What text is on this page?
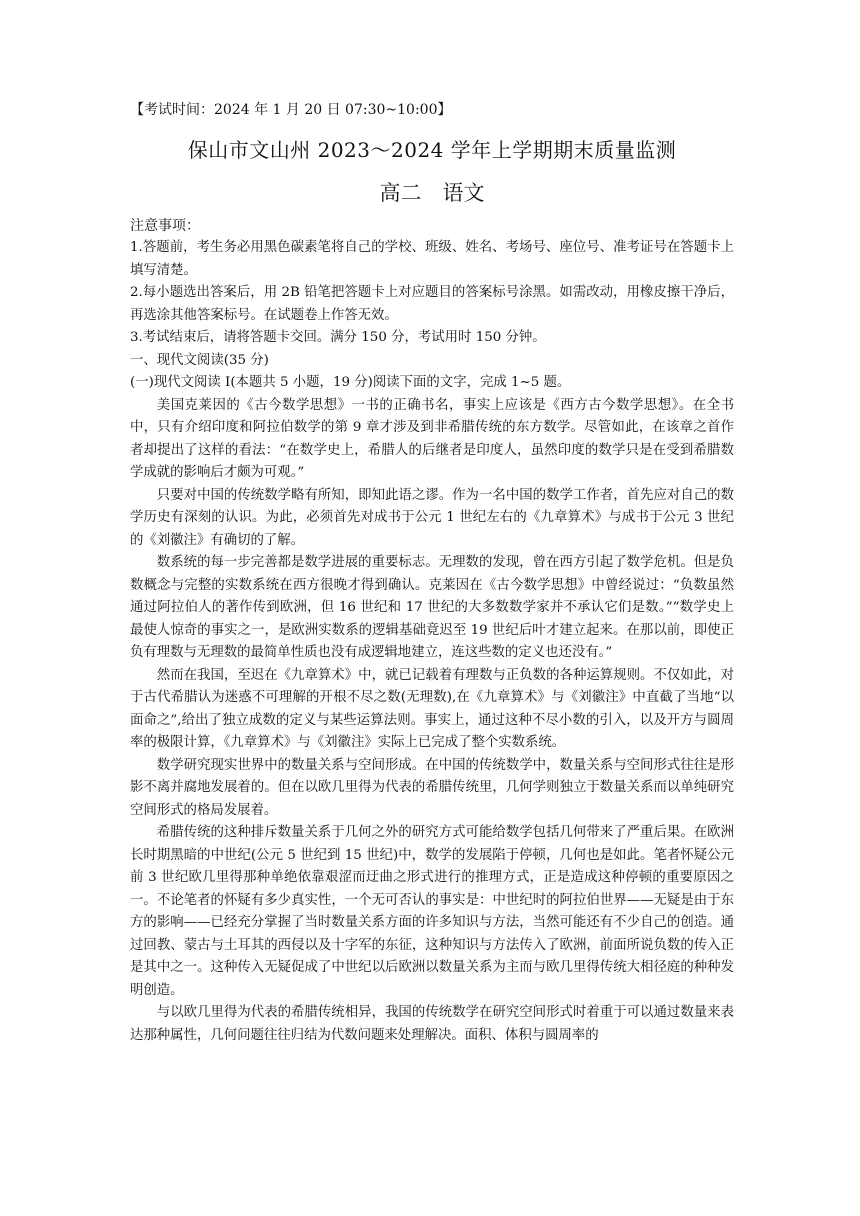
【考试时间：2024 年 1 月 20 日 07:30~10:00】
保山市文山州 2023～2024 学年上学期期末质量监测
高二　语文
注意事项：
1.答题前，考生务必用黑色碳素笔将自己的学校、班级、姓名、考场号、座位号、准考证号在答题卡上填写清楚。
2.每小题选出答案后，用 2B 铅笔把答题卡上对应题目的答案标号涂黑。如需改动，用橡皮擦干净后，再选涂其他答案标号。在试题卷上作答无效。
3.考试结束后，请将答题卡交回。满分 150 分，考试用时 150 分钟。
一、现代文阅读(35 分)
(一)现代文阅读 I(本题共 5 小题，19 分)阅读下面的文字，完成 1~5 题。

美国克莱因的《古今数学思想》一书的正确书名，事实上应该是《西方古今数学思想》。在全书中，只有介绍印度和阿拉伯数学的第 9 章才涉及到非希腊传统的东方数学。尽管如此，在该章之首作者却提出了这样的看法：“在数学史上，希腊人的后继者是印度人，虽然印度的数学只是在受到希腊数学成就的影响后才颇为可观。”

只要对中国的传统数学略有所知，即知此语之谬。作为一名中国的数学工作者，首先应对自己的数学历史有深刻的认识。为此，必须首先对成书于公元 1 世纪左右的《九章算术》与成书于公元 3 世纪的《刘徽注》有确切的了解。

数系统的每一步完善都是数学进展的重要标志。无理数的发现，曾在西方引起了数学危机。但是负数概念与完整的实数系统在西方很晚才得到确认。克莱因在《古今数学思想》中曾经说过：“负数虽然通过阿拉伯人的著作传到欧洲，但 16 世纪和 17 世纪的大多数数学家并不承认它们是数。”“数学史上最使人惊奇的事实之一，是欧洲实数系的逻辑基础竟迟至 19 世纪后叶才建立起来。在那以前，即使正负有理数与无理数的最简单性质也没有成逻辑地建立，连这些数的定义也还没有。”

然而在我国，至迟在《九章算术》中，就已记载着有理数与正负数的各种运算规则。不仅如此，对于古代希腊认为迷惑不可理解的开根不尽之数(无理数),在《九章算术》与《刘徽注》中直截了当地“以面命之”,给出了独立成数的定义与某些运算法则。事实上，通过这种不尽小数的引入，以及开方与圆周率的极限计算，《九章算术》与《刘徽注》实际上已完成了整个实数系统。

数学研究现实世界中的数量关系与空间形成。在中国的传统数学中，数量关系与空间形式往往是形影不离并腐地发展着的。但在以欧几里得为代表的希腊传统里，几何学则独立于数量关系而以单纯研究空间形式的格局发展着。

希腊传统的这种排斥数量关系于几何之外的研究方式可能给数学包括几何带来了严重后果。在欧洲长时期黑暗的中世纪(公元 5 世纪到 15 世纪)中，数学的发展陷于停顿，几何也是如此。笔者怀疑公元前 3 世纪欧几里得那种单绝依靠艰涩而迂曲之形式进行的推理方式，正是造成这种停顿的重要原因之一。不论笔者的怀疑有多少真实性，一个无可否认的事实是：中世纪时的阿拉伯世界——无疑是由于东方的影响——已经充分掌握了当时数量关系方面的许多知识与方法，当然可能还有不少自己的创造。通过回教、蒙古与土耳其的西侵以及十字军的东征，这种知识与方法传入了欧洲，前面所说负数的传入正是其中之一。这种传入无疑促成了中世纪以后欧洲以数量关系为主而与欧几里得传统大相径庭的种种发明创造。

与以欧几里得为代表的希腊传统相异，我国的传统数学在研究空间形式时着重于可以通过数量来表达那种属性，几何问题往往归结为代数问题来处理解决。面积、体积与圆周率的
